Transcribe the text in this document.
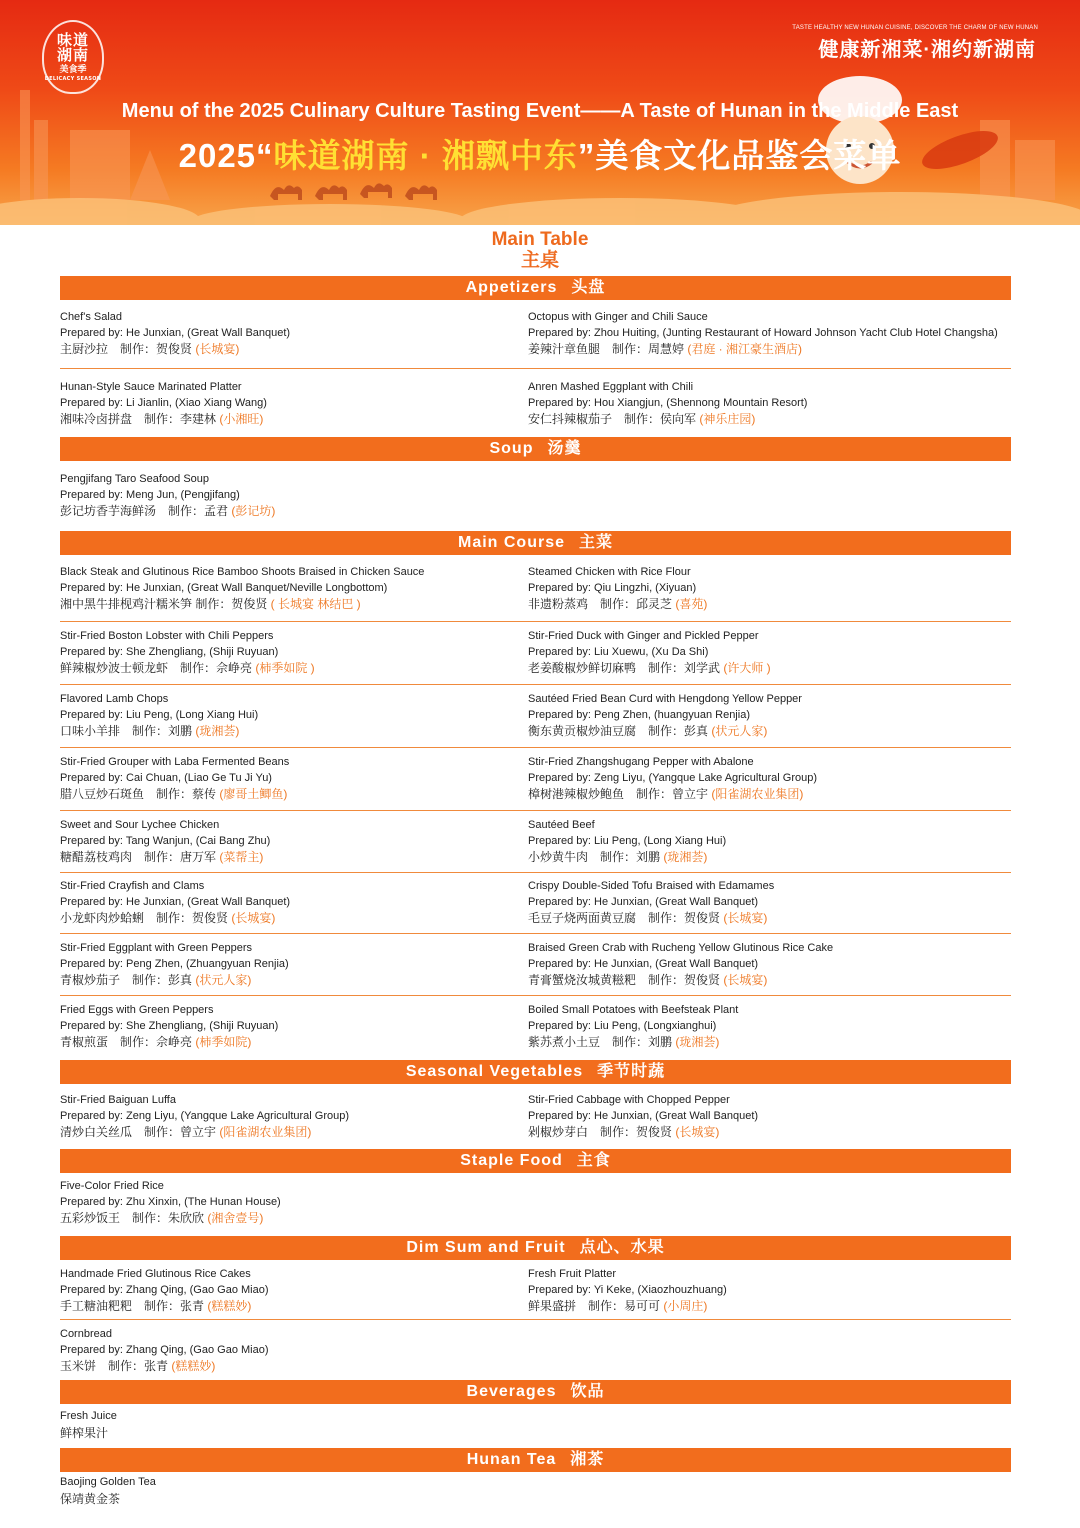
味道
湖南
美食季
DELICACY SEASON
TASTE HEALTHY NEW HUNAN CUISINE, DISCOVER THE CHARM OF NEW HUNAN
健康新湘菜·湘约新湖南
Menu of the 2025 Culinary Culture Tasting Event——A Taste of Hunan in the Middle East
2025“味道湖南 · 湘飘中东”美食文化品鉴会菜单
Main Table
主桌
Appetizers 头盘
Soup 汤羹
Main Course 主菜
Seasonal Vegetables 季节时蔬
Staple Food 主食
Dim Sum and Fruit 点心、水果
Beverages 饮品
Hunan Tea 湘茶
Chef's Salad
Prepared by: He Junxian, (Great Wall Banquet)
主厨沙拉　制作：贺俊贤 (长城宴)
Octopus with Ginger and Chili Sauce
Prepared by: Zhou Huiting, (Junting Restaurant of Howard Johnson Yacht Club Hotel Changsha)
姜辣汁章鱼腿　制作：周慧婷 (君庭 · 湘江豪生酒店)
Hunan-Style Sauce Marinated Platter
Prepared by: Li Jianlin, (Xiao Xiang Wang)
湘味冷卤拼盘　制作：李建林 (小湘旺)
Anren Mashed Eggplant with Chili
Prepared by: Hou Xiangjun, (Shennong Mountain Resort)
安仁抖辣椒茄子　制作：侯向军 (神乐庄园)
Pengjifang Taro Seafood Soup
Prepared by: Meng Jun, (Pengjifang)
彭记坊香芋海鲜汤　制作：孟君 (彭记坊)
Black Steak and Glutinous Rice Bamboo Shoots Braised in Chicken Sauce
Prepared by: He Junxian, (Great Wall Banquet/Neville Longbottom)
湘中黑牛排枧鸡汁糯米笋 制作：贺俊贤 ( 长城宴 林结巴 )
Steamed Chicken with Rice Flour
Prepared by: Qiu Lingzhi, (Xiyuan)
非遗粉蒸鸡　制作：邱灵芝 (喜苑)
Stir-Fried Boston Lobster with Chili Peppers
Prepared by: She Zhengliang, (Shiji Ruyuan)
鲜辣椒炒波士顿龙虾　制作：佘峥亮 (柿季如院 )
Stir-Fried Duck with Ginger and Pickled Pepper
Prepared by: Liu Xuewu, (Xu Da Shi)
老姜酸椒炒鲜切麻鸭　制作：刘学武 (许大师 )
Flavored Lamb Chops
Prepared by: Liu Peng, (Long Xiang Hui)
口味小羊排　制作：刘鹏 (珑湘荟)
Sautéed Fried Bean Curd with Hengdong Yellow Pepper
Prepared by: Peng Zhen, (huangyuan Renjia)
衡东黄贡椒炒油豆腐　制作：彭真 (状元人家)
Stir-Fried Grouper with Laba Fermented Beans
Prepared by: Cai Chuan, (Liao Ge Tu Ji Yu)
腊八豆炒石斑鱼　制作：蔡传 (廖哥土鲫鱼)
Stir-Fried Zhangshugang Pepper with Abalone
Prepared by: Zeng Liyu, (Yangque Lake Agricultural Group)
樟树港辣椒炒鲍鱼　制作：曾立宇 (阳雀湖农业集团)
Sweet and Sour Lychee Chicken
Prepared by: Tang Wanjun, (Cai Bang Zhu)
糖醋荔枝鸡肉　制作：唐万军 (菜帮主)
Sautéed Beef
Prepared by: Liu Peng, (Long Xiang Hui)
小炒黄牛肉　制作：刘鹏 (珑湘荟)
Stir-Fried Crayfish and Clams
Prepared by: He Junxian, (Great Wall Banquet)
小龙虾肉炒蛤蜊　制作：贺俊贤 (长城宴)
Crispy Double-Sided Tofu Braised with Edamames
Prepared by: He Junxian, (Great Wall Banquet)
毛豆子烧两面黄豆腐　制作：贺俊贤 (长城宴)
Stir-Fried Eggplant with Green Peppers
Prepared by: Peng Zhen, (Zhuangyuan Renjia)
青椒炒茄子　制作：彭真 (状元人家)
Braised Green Crab with Rucheng Yellow Glutinous Rice Cake
Prepared by: He Junxian, (Great Wall Banquet)
青膏蟹烧汝城黄糍粑　制作：贺俊贤 (长城宴)
Fried Eggs with Green Peppers
Prepared by: She Zhengliang, (Shiji Ruyuan)
青椒煎蛋　制作：佘峥亮 (柿季如院)
Boiled Small Potatoes with Beefsteak Plant
Prepared by: Liu Peng, (Longxianghui)
紫苏煮小土豆　制作：刘鹏 (珑湘荟)
Stir-Fried Baiguan Luffa
Prepared by: Zeng Liyu, (Yangque Lake Agricultural Group)
清炒白关丝瓜　制作：曾立宇 (阳雀湖农业集团)
Stir-Fried Cabbage with Chopped Pepper
Prepared by: He Junxian, (Great Wall Banquet)
剁椒炒芽白　制作：贺俊贤 (长城宴)
Five-Color Fried Rice
Prepared by: Zhu Xinxin, (The Hunan House)
五彩炒饭王　制作：朱欣欣 (湘舍壹号)
Handmade Fried Glutinous Rice Cakes
Prepared by: Zhang Qing, (Gao Gao Miao)
手工糖油粑粑　制作：张青 (糕糕妙)
Fresh Fruit Platter
Prepared by: Yi Keke, (Xiaozhouzhuang)
鲜果盛拼　制作：易可可 (小周庄)
Cornbread
Prepared by: Zhang Qing, (Gao Gao Miao)
玉米饼　制作：张青 (糕糕妙)
Fresh Juice
鲜榨果汁
Baojing Golden Tea
保靖黄金茶
